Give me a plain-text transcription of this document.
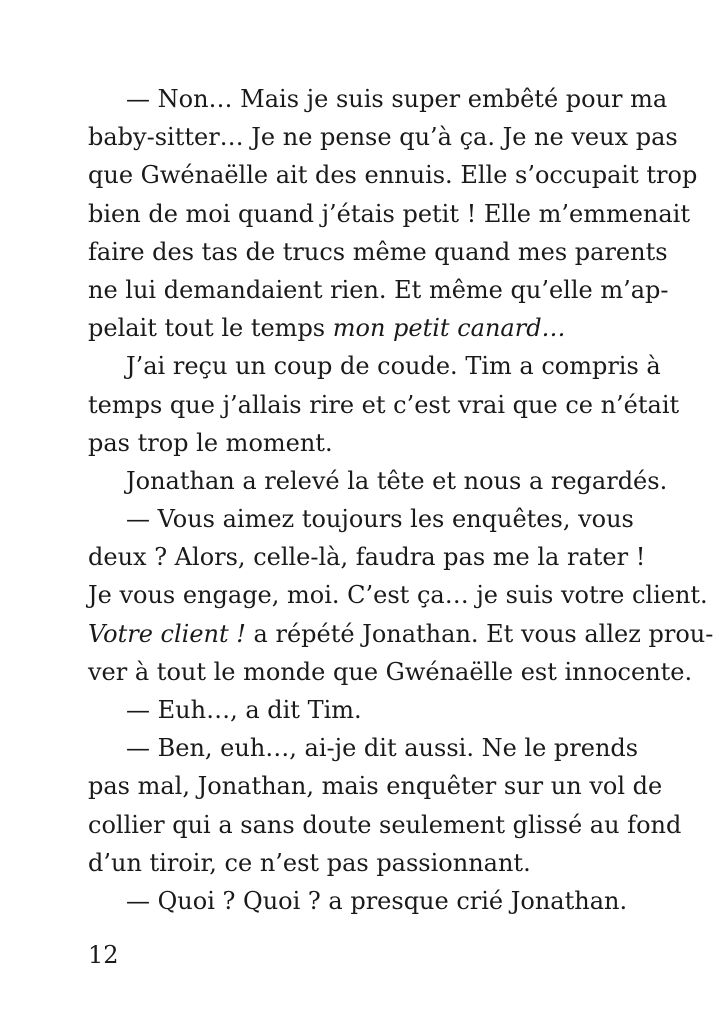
— Non… Mais je suis super embêté pour ma
baby-sitter… Je ne pense qu’à ça. Je ne veux pas
que Gwénaëlle ait des ennuis. Elle s’occupait trop
bien de moi quand j’étais petit ! Elle m’emmenait
faire des tas de trucs même quand mes parents
ne lui demandaient rien. Et même qu’elle m’ap-
pelait tout le temps mon petit canard…
J’ai reçu un coup de coude. Tim a compris à
temps que j’allais rire et c’est vrai que ce n’était
pas trop le moment.
Jonathan a relevé la tête et nous a regardés.
— Vous aimez toujours les enquêtes, vous
deux ? Alors, celle-là, faudra pas me la rater !
Je vous engage, moi. C’est ça… je suis votre client.
Votre client ! a répété Jonathan. Et vous allez prou-
ver à tout le monde que Gwénaëlle est innocente.
— Euh…, a dit Tim.
— Ben, euh…, ai-je dit aussi. Ne le prends
pas mal, Jonathan, mais enquêter sur un vol de
collier qui a sans doute seulement glissé au fond
d’un tiroir, ce n’est pas passionnant.
— Quoi ? Quoi ? a presque crié Jonathan.
12
